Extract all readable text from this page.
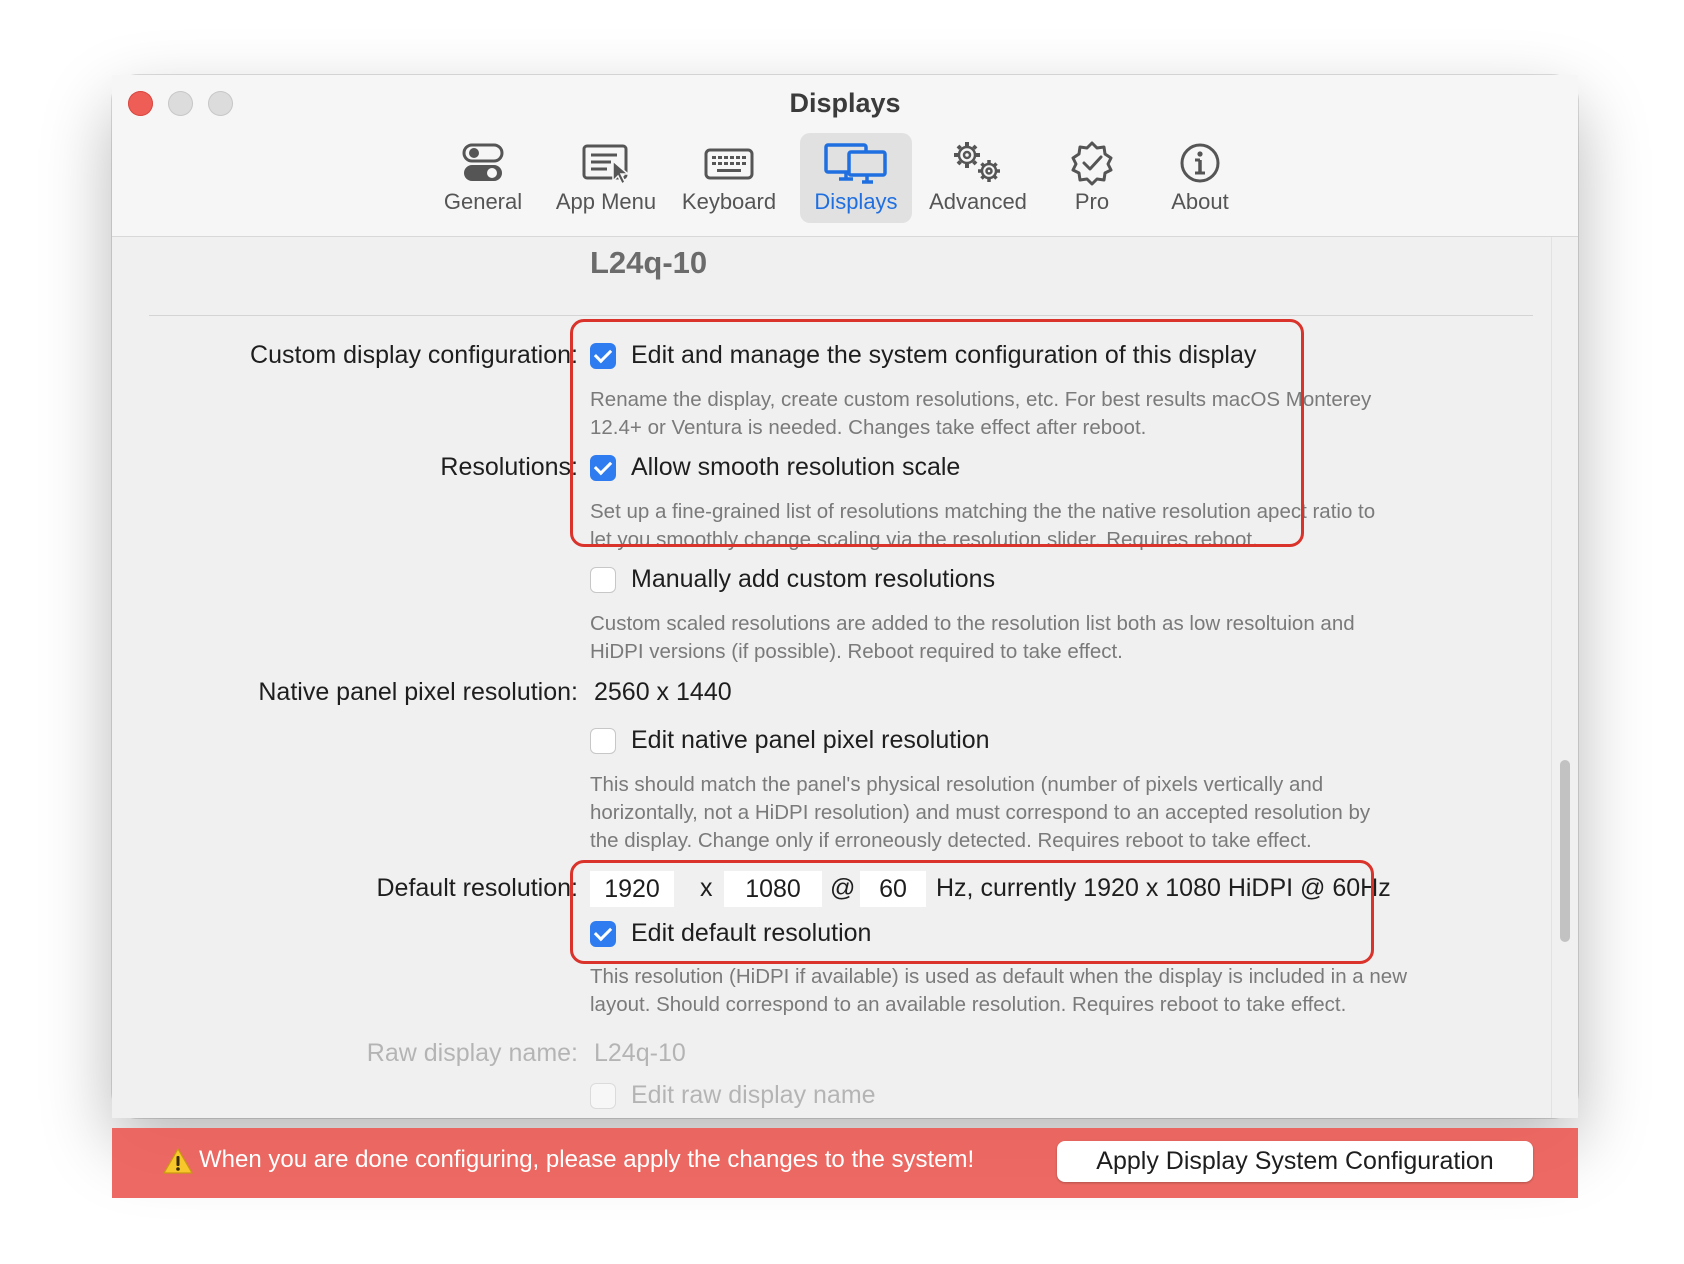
Displays
General App Menu Keyboard Displays Advanced Pro	About
L24q-10
Custom display configuration: Edit and manage the system configuration of this display
Rename the display, create custom resolutions, etc. For best results macOS Monterey
12.4+ or Ventura is needed. Changes take effect after reboot.
Resolutions: Allow smooth resolution scale
Set up a fine-grained list of resolutions matching the the native resolution apect ratio to
let you smoothly change scaling via the resolution slider. Requires reboot.
Manually add custom resolutions
Custom scaled resolutions are added to the resolution list both as low resoltuion and
HiDPI versions (if possible). Reboot required to take effect.
Native panel pixel resolution: 2560 x 1440
Edit native panel pixel resolution
This should match the panel's physical resolution (number of pixels vertically and
horizontally, not a HiDPI resolution) and must correspond to an accepted resolution by
the display. Change only if erroneously detected. Requires reboot to take effect.
Default resolution:	1920	x	1080	@ 60	Hz, currently 1920 x 1080 HiDPI @ 60Hz
Edit default resolution
This resolution (HiDPI if available) is used as default when the display is included in a new
layout. Should correspond to an available resolution. Requires reboot to take effect.
Raw display name: L24q-10
Edit raw display name
When you are done configuring, please apply the changes to the system!	Apply Display System Configuration
